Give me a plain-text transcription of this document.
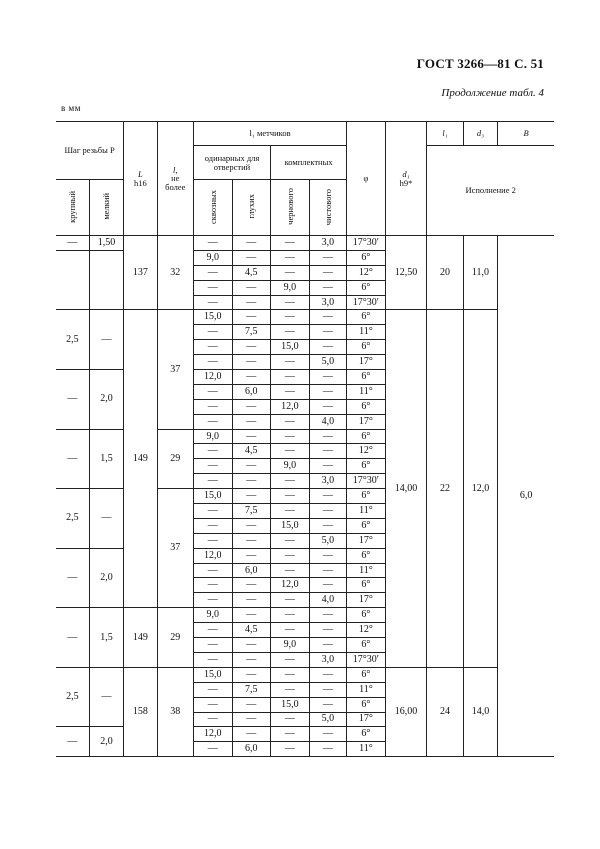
ГОСТ 3266—81 С. 51
Продолжение табл. 4
в мм
Шаг резьбы P		L
h16	l,
не
более	l₁ метчиков				φ	d₁
h9*	l₁	d₃	B
				одинарных для отверстий		комплектных				Исполнение 2		

крупный	мелкий			сквозных	глухих	чернового	чистового					
—	1,50	137	32	—	—	—	3,0	17°30′	12,50	20	11,0	6,0
				9,0	—	—	—	6°				
				—	4,5	—	—	12°				
				—	—	9,0	—	6°				
				—	—	—	3,0	17°30′				
2,5	—	149	37	15,0	—	—	—	6°	14,00	22	12,0	
				—	7,5	—	—	11°				
				—	—	15,0	—	6°				
				—	—	—	5,0	17°				
—	2,0			12,0	—	—	—	6°				
				—	6,0	—	—	11°				
				—	—	12,0	—	6°				
				—	—	—	4,0	17°				
—	1,5		29	9,0	—	—	—	6°				
				—	4,5	—	—	12°				
				—	—	9,0	—	6°				
				—	—	—	3,0	17°30′				
2,5	—		37	15,0	—	—	—	6°				
				—	7,5	—	—	11°				
				—	—	15,0	—	6°				
				—	—	—	5,0	17°				
—	2,0			12,0	—	—	—	6°				
				—	6,0	—	—	11°				
				—	—	12,0	—	6°				
				—	—	—	4,0	17°				
—	1,5	149	29	9,0	—	—	—	6°				
				—	4,5	—	—	12°				
				—	—	9,0	—	6°				
				—	—	—	3,0	17°30′				
2,5	—	158	38	15,0	—	—	—	6°	16,00	24	14,0	
				—	7,5	—	—	11°				
				—	—	15,0	—	6°				
				—	—	—	5,0	17°				
—	2,0			12,0	—	—	—	6°				
				—	6,0	—	—	11°				
